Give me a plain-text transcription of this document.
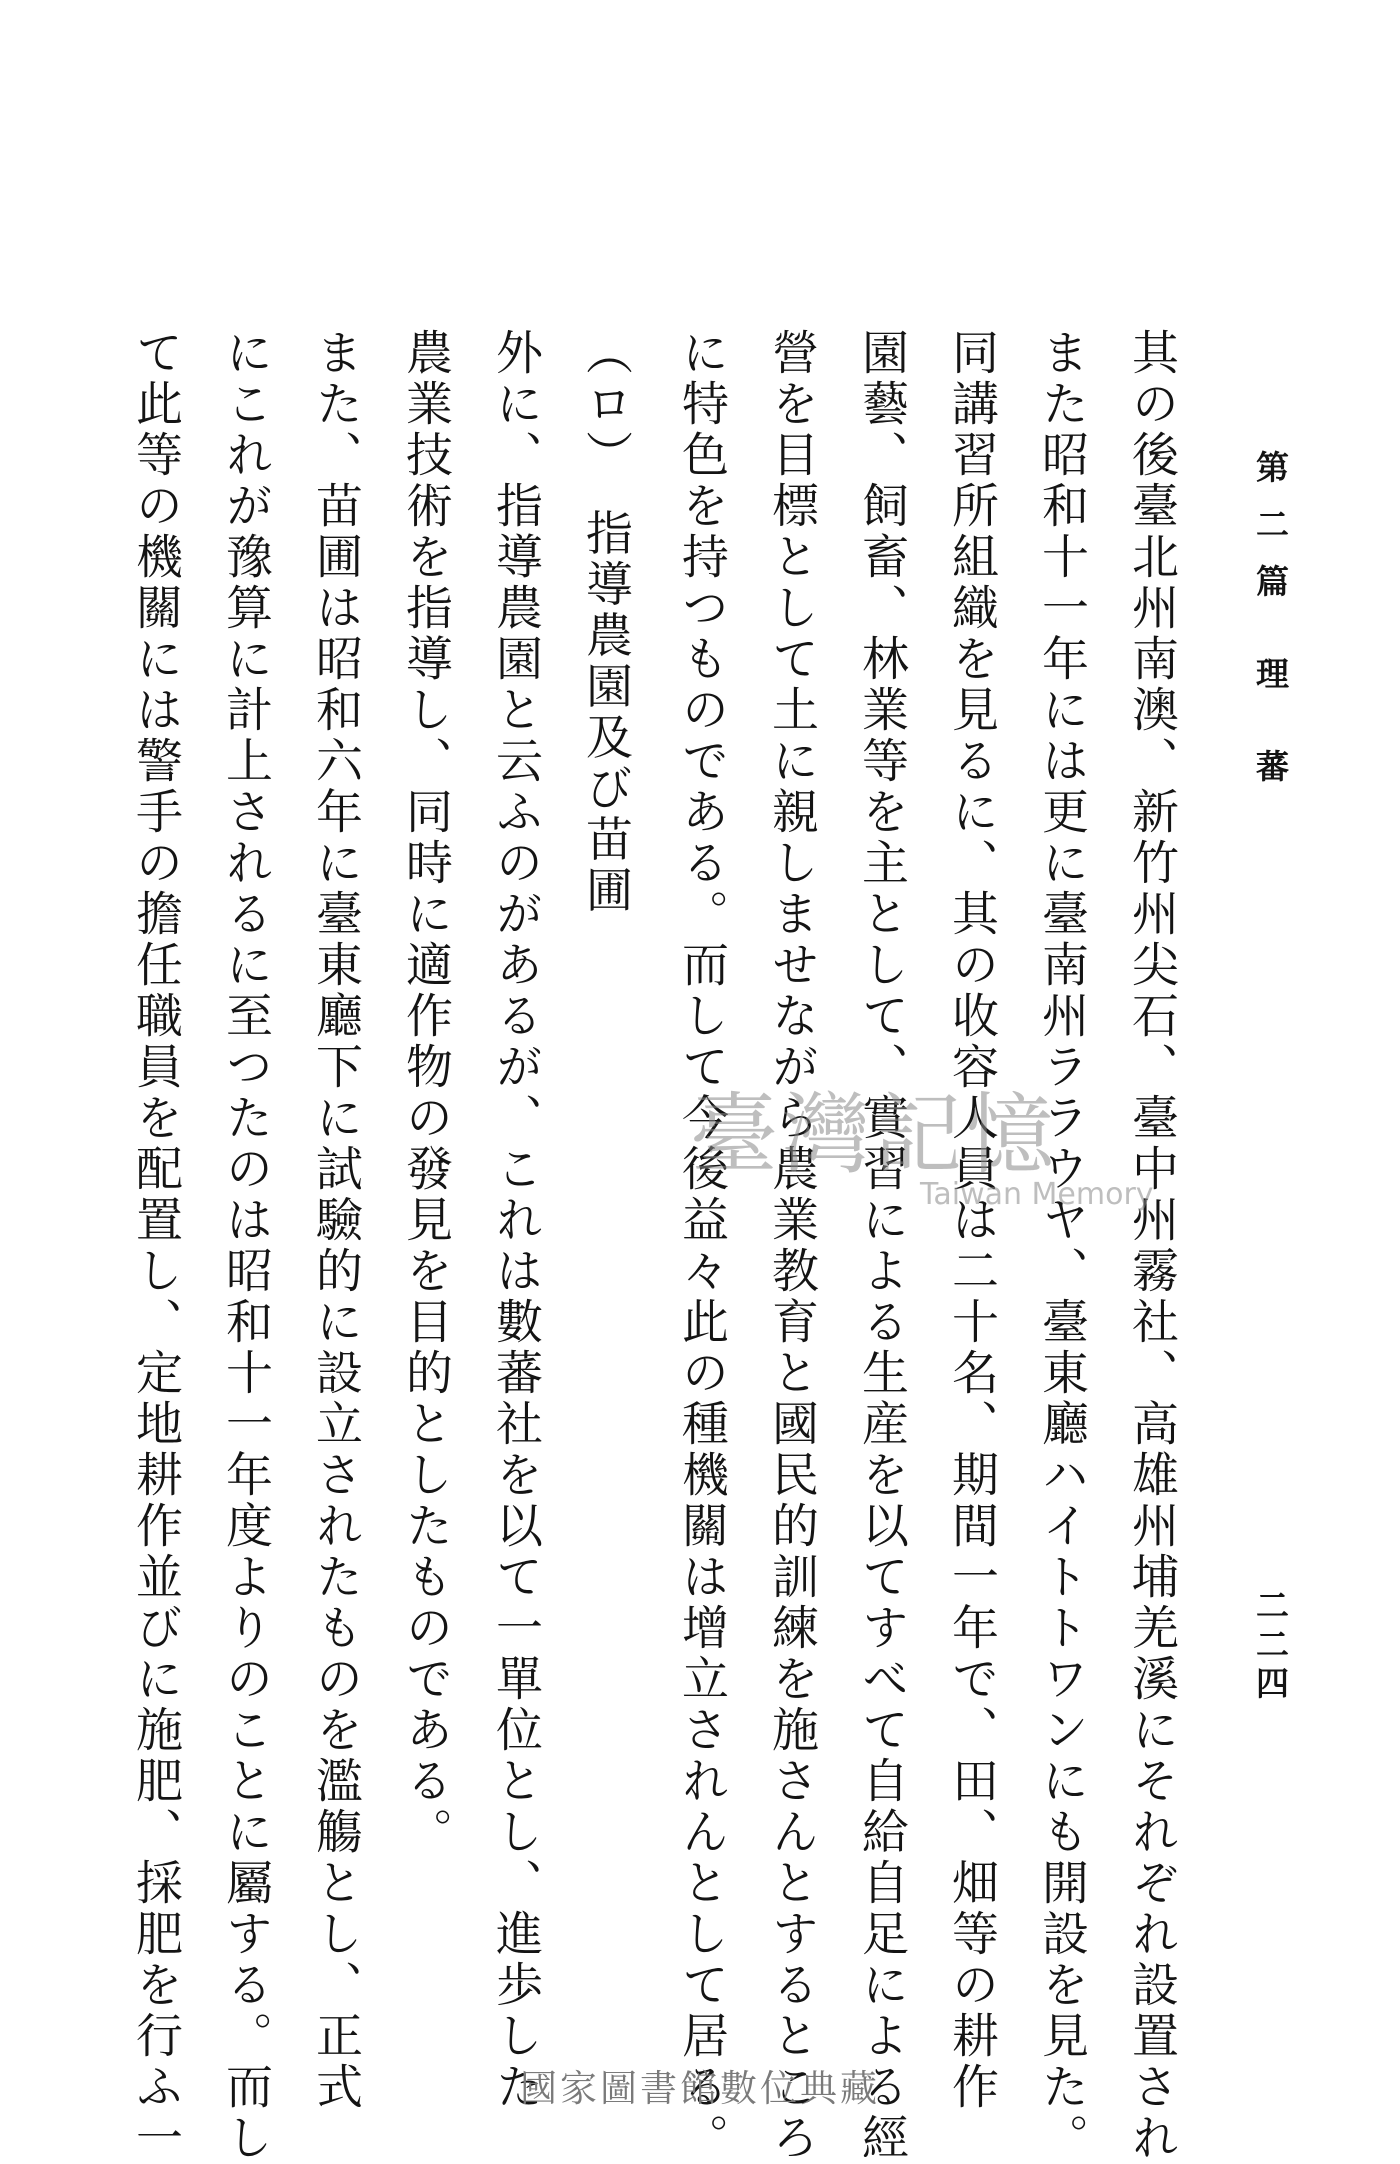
第二篇 理 蕃
二二四
其の後臺北州南澳、新竹州尖石、臺中州霧社、高雄州埔羌溪にそれぞれ設置され
また昭和十一年には更に臺南州ララウヤ、臺東廳ハイトトワンにも開設を見た。
同講習所組織を見るに、其の收容人員は二十名、期間一年で、田、畑等の耕作
園藝、飼畜、林業等を主として、實習による生産を以てすべて自給自足による經
營を目標として土に親しませながら農業教育と國民的訓練を施さんとするところ
に特色を持つものである。而して今後益々此の種機關は增立されんとして居る。
（ロ）　指導農園及び苗圃
外に、指導農園と云ふのがあるが、これは數蕃社を以て一單位とし、進歩した
農業技術を指導し、同時に適作物の發見を目的としたものである。
また、苗圃は昭和六年に臺東廳下に試驗的に設立されたものを濫觴とし、正式
にこれが豫算に計上されるに至つたのは昭和十一年度よりのことに屬する。而し
て此等の機關には警手の擔任職員を配置し、定地耕作並びに施肥、採肥を行ふ一	臺灣記憶
Taiwan Memory
國家圖書館數位典藏
